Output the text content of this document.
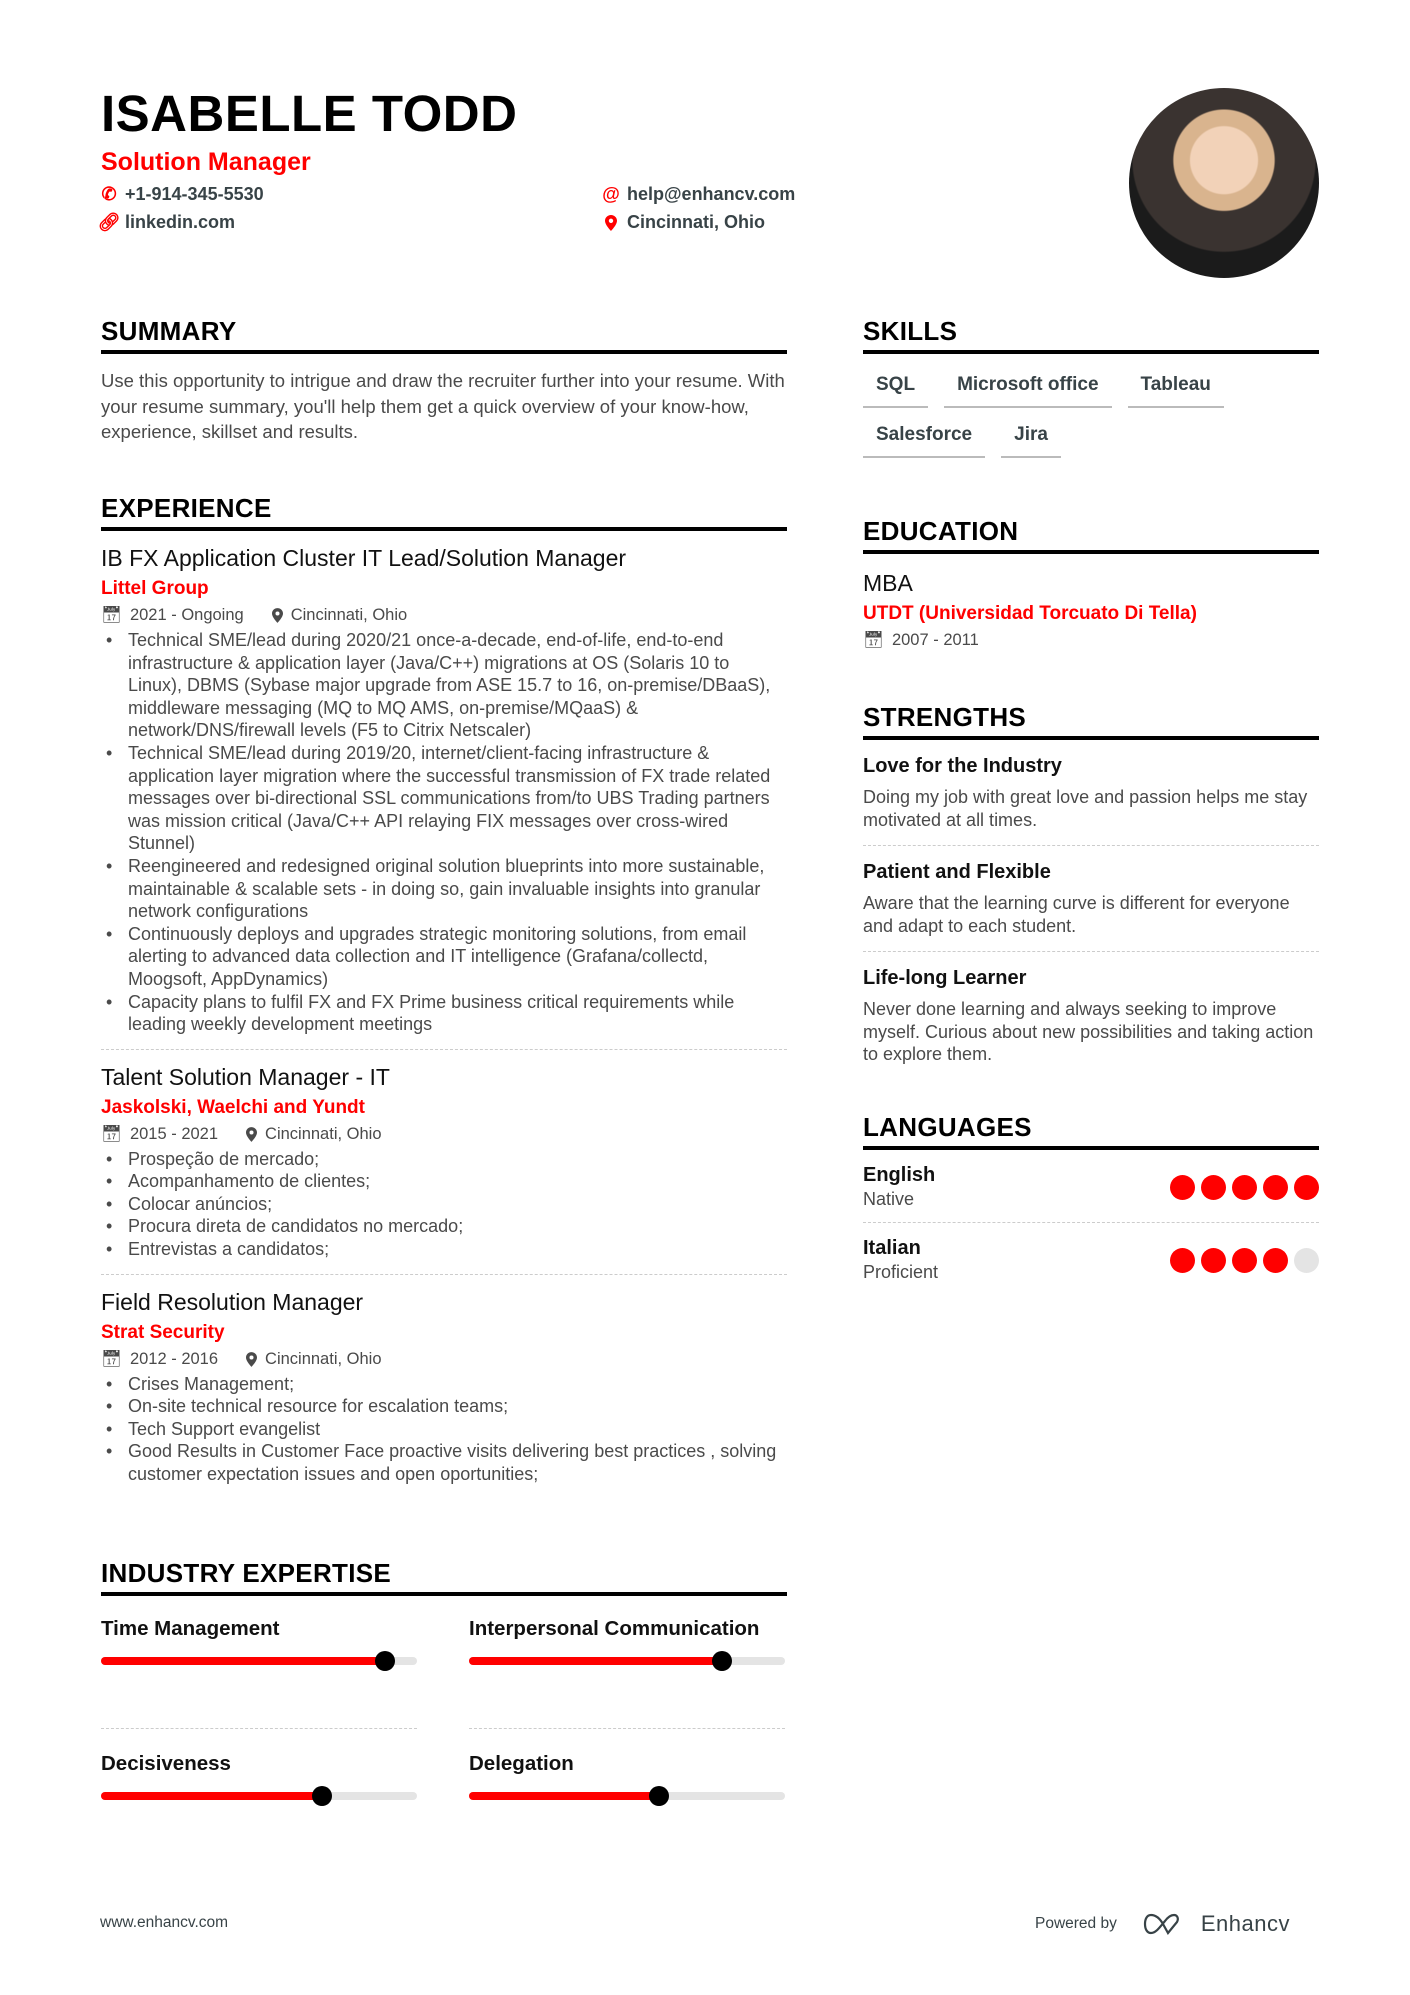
ISABELLE TODD
Solution Manager
✆ +1-914-345-5530
🔗︎ linkedin.com
@ help@enhancv.com
Cincinnati, Ohio
SUMMARY

Use this opportunity to intrigue and draw the recruiter further into your resume. With your resume summary, you'll help them get a quick overview of your know-how, experience, skillset and results.

EXPERIENCE
IB FX Application Cluster IT Lead/Solution Manager
Littel Group
📅︎ 2021 - Ongoing	Cincinnati, Ohio
• Technical SME/lead during 2020/21 once-a-decade, end-of-life, end-to-end infrastructure & application layer (Java/C++) migrations at OS (Solaris 10 to Linux), DBMS (Sybase major upgrade from ASE 15.7 to 16, on-premise/DBaaS), middleware messaging (MQ to MQ AMS, on-premise/MQaaS) & network/DNS/firewall levels (F5 to Citrix Netscaler)
• Technical SME/lead during 2019/20, internet/client-facing infrastructure & application layer migration where the successful transmission of FX trade related messages over bi-directional SSL communications from/to UBS Trading partners was mission critical (Java/C++ API relaying FIX messages over cross-wired Stunnel)
• Reengineered and redesigned original solution blueprints into more sustainable, maintainable & scalable sets - in doing so, gain invaluable insights into granular network configurations
• Continuously deploys and upgrades strategic monitoring solutions, from email alerting to advanced data collection and IT intelligence (Grafana/collectd, Moogsoft, AppDynamics)
• Capacity plans to fulfil FX and FX Prime business critical requirements while leading weekly development meetings
Talent Solution Manager - IT
Jaskolski, Waelchi and Yundt
📅︎ 2015 - 2021	Cincinnati, Ohio
• Prospeção de mercado;
• Acompanhamento de clientes;
• Colocar anúncios;
• Procura direta de candidatos no mercado;
• Entrevistas a candidatos;
Field Resolution Manager
Strat Security
📅︎ 2012 - 2016	Cincinnati, Ohio
• Crises Management;
• On-site technical resource for escalation teams;
• Tech Support evangelist
• Good Results in Customer Face proactive visits delivering best practices , solving customer expectation issues and open oportunities;
INDUSTRY EXPERTISE
Time Management	Interpersonal Communication
Decisiveness	Delegation
SKILLS
SQL	Microsoft office	Tableau
Salesforce	Jira
EDUCATION
MBA
UTDT (Universidad Torcuato Di Tella)
📅︎ 2007 - 2011
STRENGTHS
Love for the Industry
Doing my job with great love and passion helps me stay motivated at all times.
Patient and Flexible
Aware that the learning curve is different for everyone and adapt to each student.
Life-long Learner
Never done learning and always seeking to improve myself. Curious about new possibilities and taking action to explore them.
LANGUAGES
English
Native
Italian
Proficient
www.enhancv.com	Powered by	Enhancv
